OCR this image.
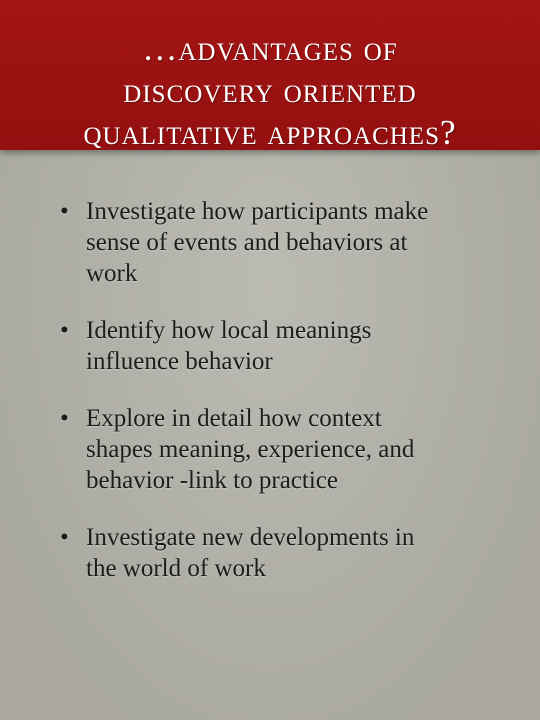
…advantages of
discovery oriented
qualitative approaches?
• Investigate how participants make
sense of events and behaviors at
work
• Identify how local meanings
influence behavior
• Explore in detail how context
shapes meaning, experience, and
behavior -link to practice
• Investigate new developments in
the world of work
